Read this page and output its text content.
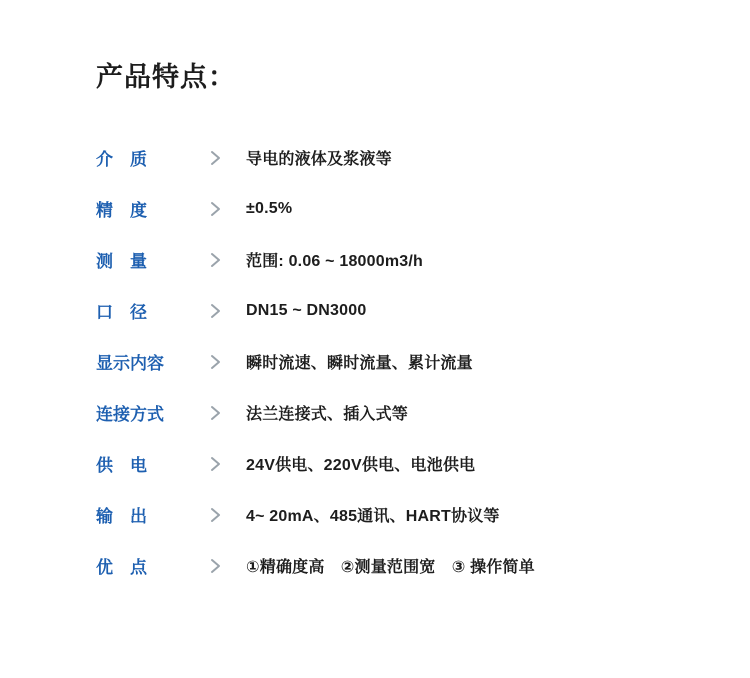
产品特点：
介　质	导电的液体及浆液等
精　度	±0.5%
测　量	范围: 0.06 ~ 18000m3/h
口　径	DN15 ~ DN3000
显示内容	瞬时流速、瞬时流量、累计流量
连接方式	法兰连接式、插入式等
供　电	24V供电、220V供电、电池供电
输　出	4~ 20mA、485通讯、HART协议等
优　点	①精确度高　②测量范围宽　③ 操作简单
